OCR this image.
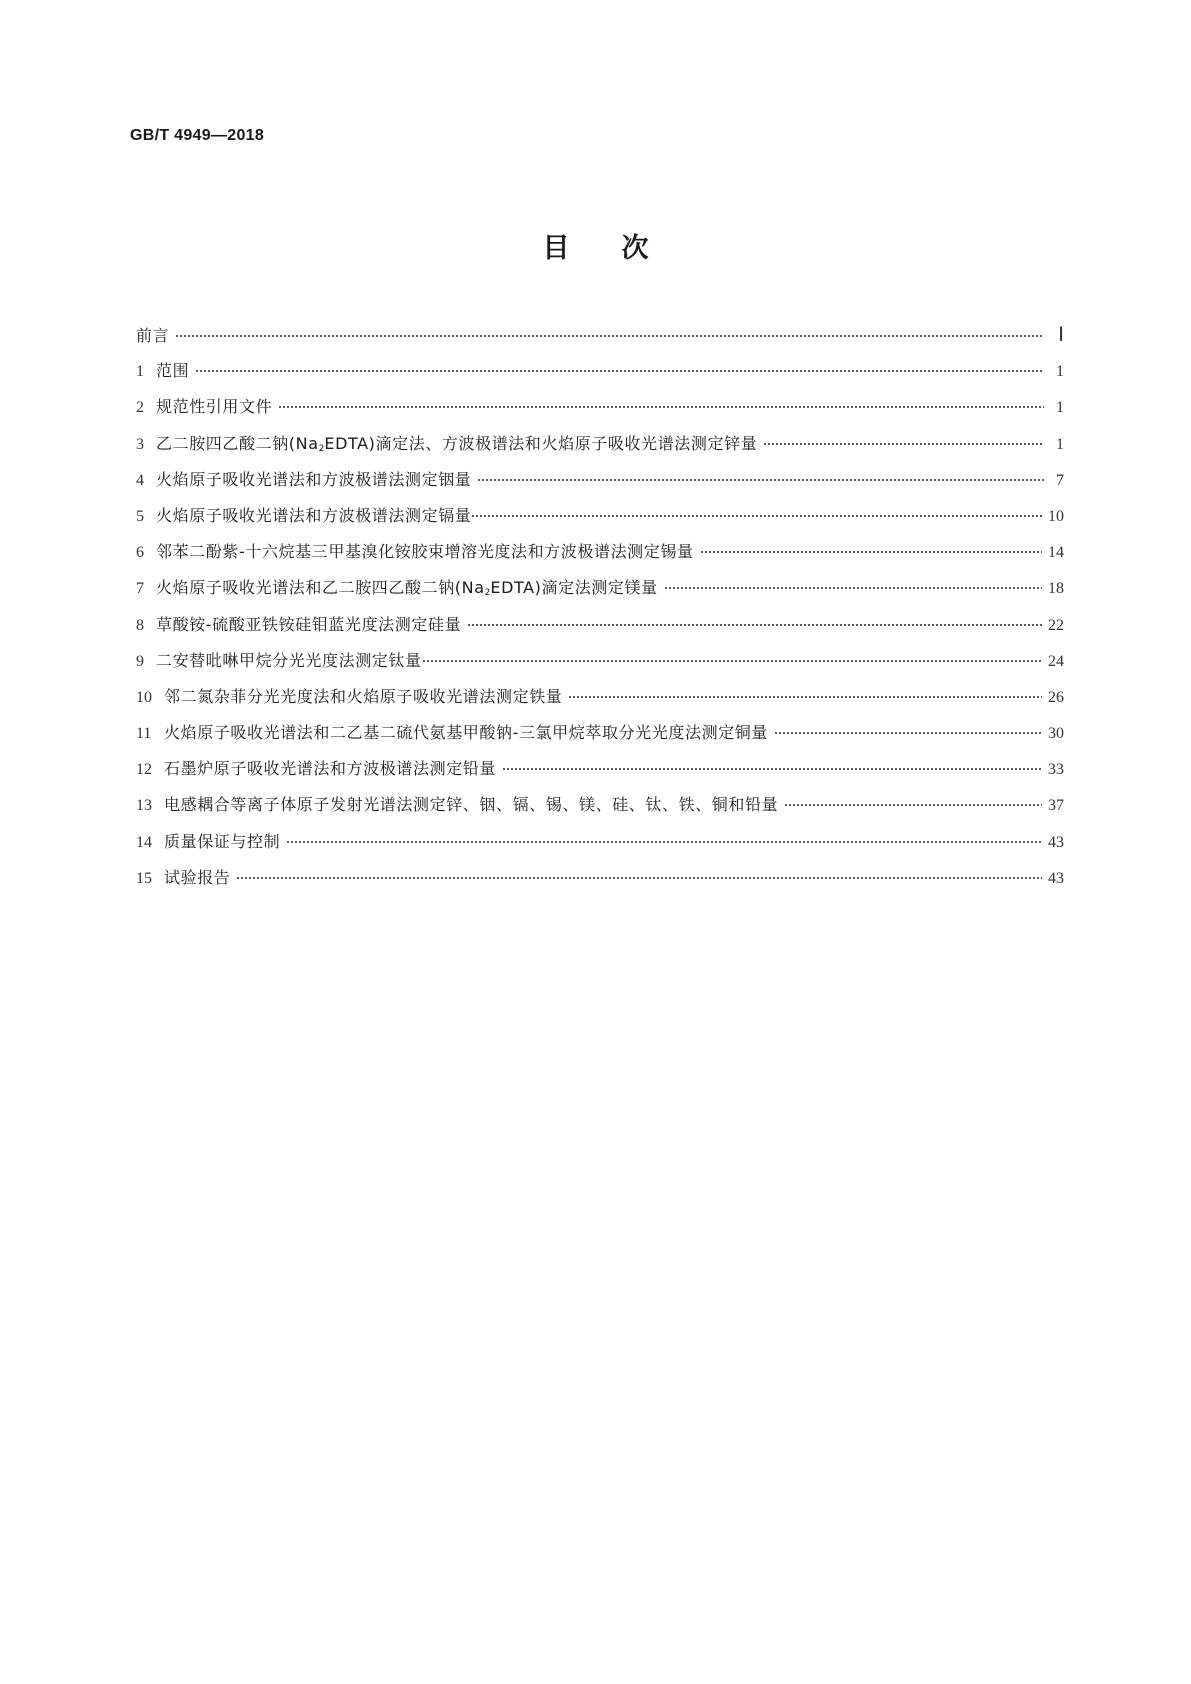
GB/T 4949—2018
目次
前言	Ⅰ
1 范围	1
2 规范性引用文件	1
3 乙二胺四乙酸二钠$(Na_2EDTA)$滴定法、方波极谱法和火焰原子吸收光谱法测定锌量	1
4 火焰原子吸收光谱法和方波极谱法测定铟量	7
5 火焰原子吸收光谱法和方波极谱法测定镉量	10
6 邻苯二酚紫-十六烷基三甲基溴化铵胶束增溶光度法和方波极谱法测定锡量	14
7 火焰原子吸收光谱法和乙二胺四乙酸二钠$(Na_2EDTA)$滴定法测定镁量	18
8 草酸铵-硫酸亚铁铵硅钼蓝光度法测定硅量	22
9 二安替吡啉甲烷分光光度法测定钛量	24
10 邻二氮杂菲分光光度法和火焰原子吸收光谱法测定铁量	26
11 火焰原子吸收光谱法和二乙基二硫代氨基甲酸钠-三氯甲烷萃取分光光度法测定铜量	30
12 石墨炉原子吸收光谱法和方波极谱法测定铅量	33
13 电感耦合等离子体原子发射光谱法测定锌、铟、镉、锡、镁、硅、钛、铁、铜和铅量	37
14 质量保证与控制	43
15 试验报告	43
